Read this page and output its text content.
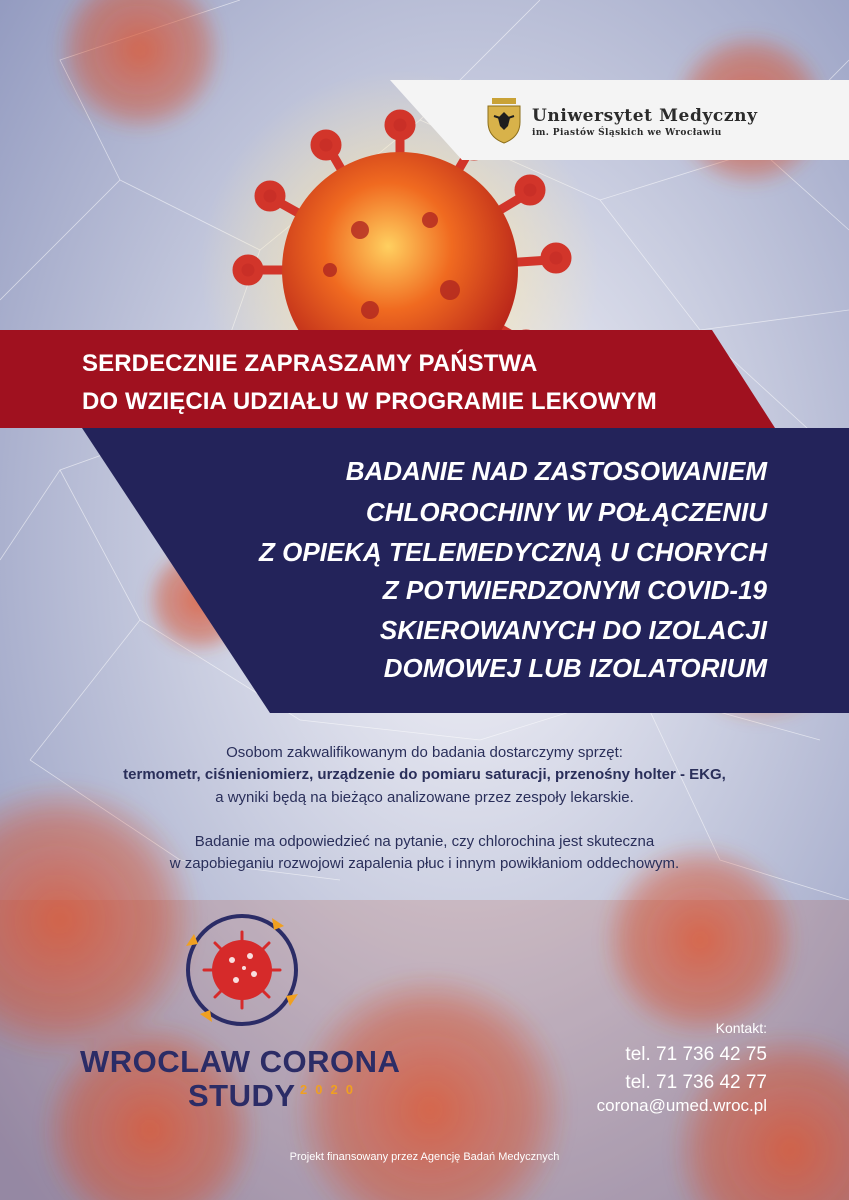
Uniwersytet Medyczny
im. Piastów Śląskich we Wrocławiu
SERDECZNIE ZAPRASZAMY PAŃSTWA
DO WZIĘCIA UDZIAŁU W PROGRAMIE LEKOWYM
BADANIE NAD ZASTOSOWANIEM
CHLOROCHINY W POŁĄCZENIU
Z OPIEKĄ TELEMEDYCZNĄ U CHORYCH
Z POTWIERDZONYM COVID-19
SKIEROWANYCH DO IZOLACJI
DOMOWEJ LUB IZOLATORIUM
Osobom zakwalifikowanym do badania dostarczymy sprzęt:
termometr, ciśnieniomierz, urządzenie do pomiaru saturacji, przenośny holter - EKG,
a wyniki będą na bieżąco analizowane przez zespoły lekarskie.
Badanie ma odpowiedzieć na pytanie, czy chlorochina jest skuteczna
w zapobieganiu rozwojowi zapalenia płuc i innym powikłaniom oddechowym.
WROCLAW CORONA
STUDY 2020
Kontakt:
tel. 71 736 42 75
tel. 71 736 42 77
corona@umed.wroc.pl
Projekt finansowany przez Agencję Badań Medycznych
